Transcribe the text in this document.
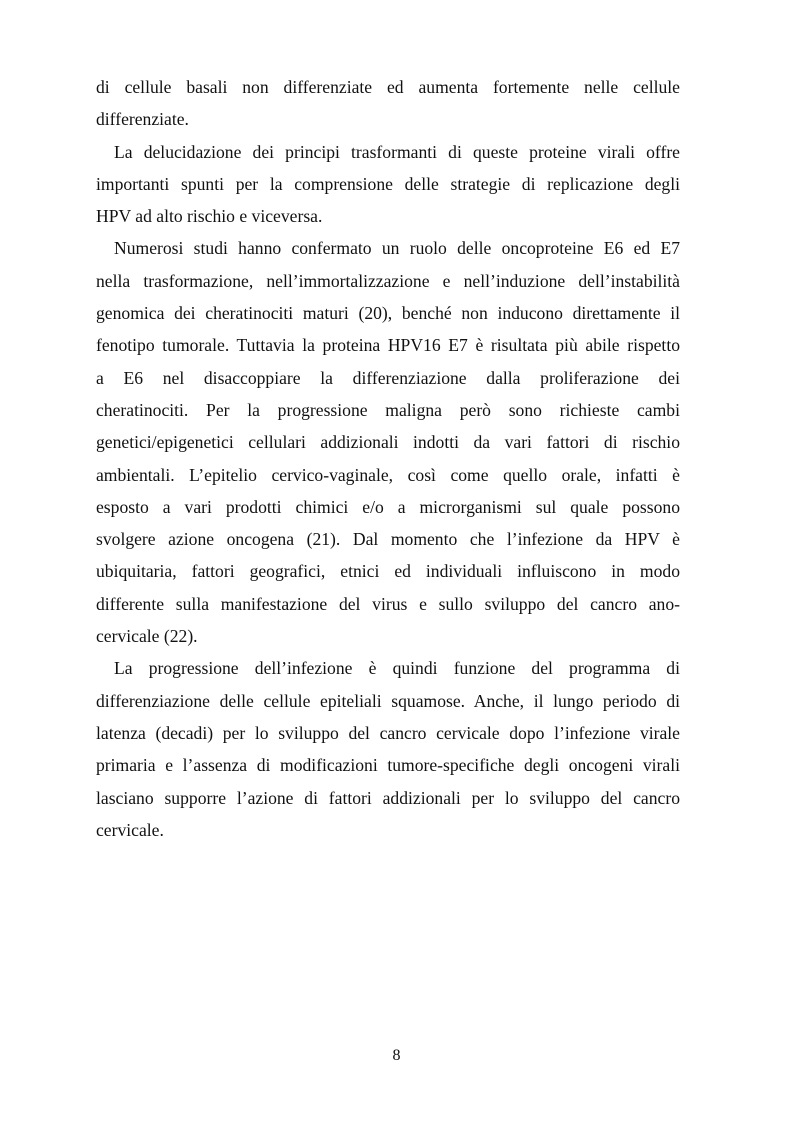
di cellule basali non differenziate ed aumenta fortemente nelle cellule
differenziate.

La delucidazione dei principi trasformanti di queste proteine virali offre
importanti spunti per la comprensione delle strategie di replicazione degli
HPV ad alto rischio e viceversa.

Numerosi studi hanno confermato un ruolo delle oncoproteine E6 ed E7
nella trasformazione, nell’immortalizzazione e nell’induzione dell’instabilità
genomica dei cheratinociti maturi (20), benché non inducono direttamente il
fenotipo tumorale. Tuttavia la proteina HPV16 E7 è risultata più abile rispetto
a E6 nel disaccoppiare la differenziazione dalla proliferazione dei
cheratinociti. Per la progressione maligna però sono richieste cambi
genetici/epigenetici cellulari addizionali indotti da vari fattori di rischio
ambientali. L’epitelio cervico-vaginale, così come quello orale, infatti è
esposto a vari prodotti chimici e/o a microrganismi sul quale possono
svolgere azione oncogena (21). Dal momento che l’infezione da HPV è
ubiquitaria, fattori geografici, etnici ed individuali influiscono in modo
differente sulla manifestazione del virus e sullo sviluppo del cancro ano-
cervicale (22).

La progressione dell’infezione è quindi funzione del programma di
differenziazione delle cellule epiteliali squamose. Anche, il lungo periodo di
latenza (decadi) per lo sviluppo del cancro cervicale dopo l’infezione virale
primaria e l’assenza di modificazioni tumore-specifiche degli oncogeni virali
lasciano supporre l’azione di fattori addizionali per lo sviluppo del cancro
cervicale.

8
